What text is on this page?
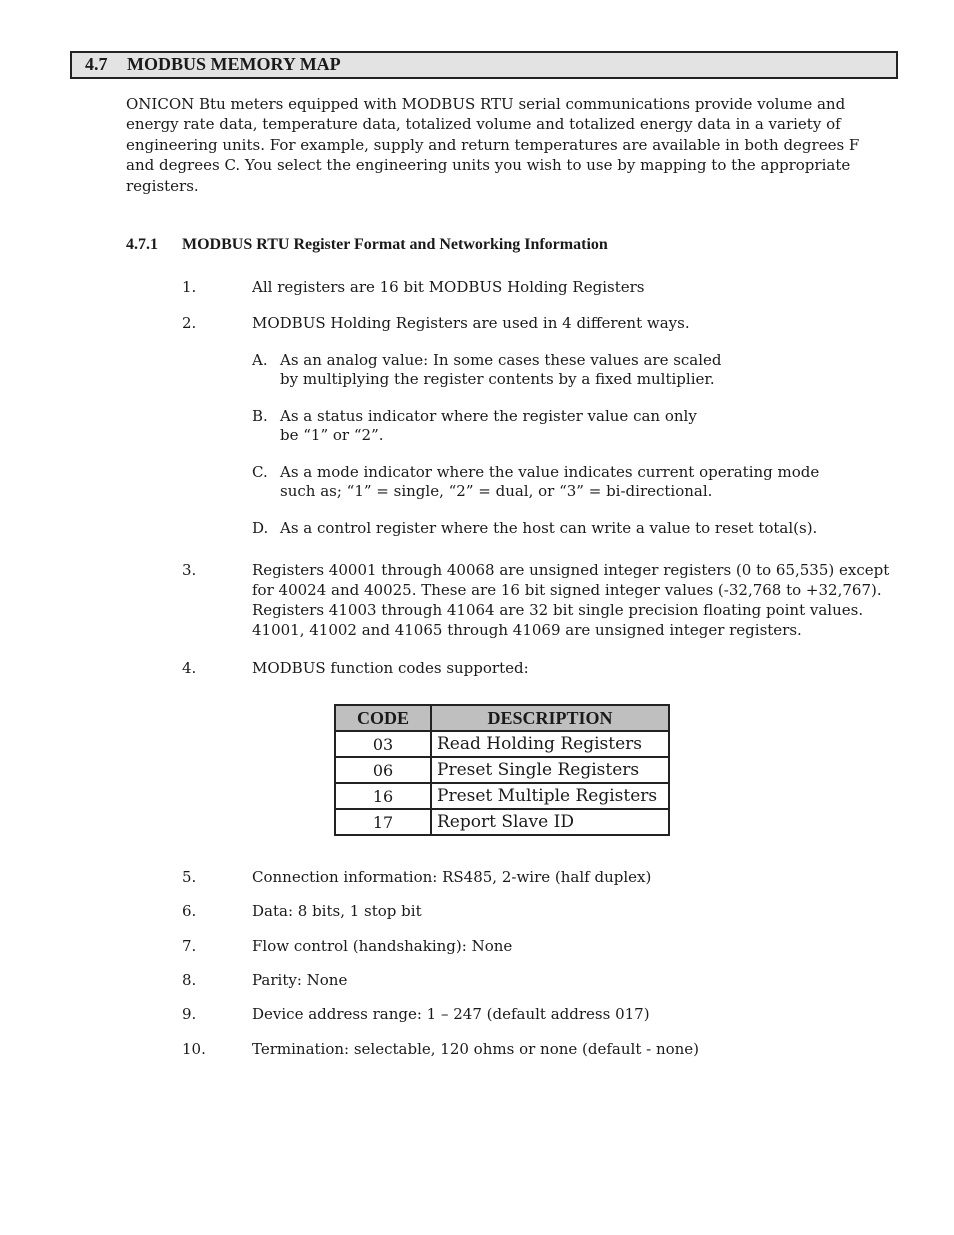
4.7 MODBUS MEMORY MAP
ONICON Btu meters equipped with MODBUS RTU serial communications provide volume and
energy rate data, temperature data, totalized volume and totalized energy data in a variety of
engineering units. For example, supply and return temperatures are available in both degrees F
and degrees C. You select the engineering units you wish to use by mapping to the appropriate
registers.
4.7.1 MODBUS RTU Register Format and Networking Information
1.	All registers are 16 bit MODBUS Holding Registers
2.	MODBUS Holding Registers are used in 4 different ways.
A. As an analog value: In some cases these values are scaled
by multiplying the register contents by a fixed multiplier.
B. As a status indicator where the register value can only
be “1” or “2”.
C. As a mode indicator where the value indicates current operating mode
such as; “1” = single, “2” = dual, or “3” = bi-directional.
D. As a control register where the host can write a value to reset total(s).
3.	Registers 40001 through 40068 are unsigned integer registers (0 to 65,535) except
for 40024 and 40025. These are 16 bit signed integer values (-32,768 to +32,767).
Registers 41003 through 41064 are 32 bit single precision floating point values.
41001, 41002 and 41065 through 41069 are unsigned integer registers.
4.	MODBUS function codes supported:
CODE	DESCRIPTION
03	Read Holding Registers
06	Preset Single Registers
16	Preset Multiple Registers
17	Report Slave ID
5.	Connection information: RS485, 2-wire (half duplex)
6.	Data: 8 bits, 1 stop bit
7.	Flow control (handshaking): None
8.	Parity: None
9.	Device address range: 1 – 247 (default address 017)
10.	Termination: selectable, 120 ohms or none (default - none)
